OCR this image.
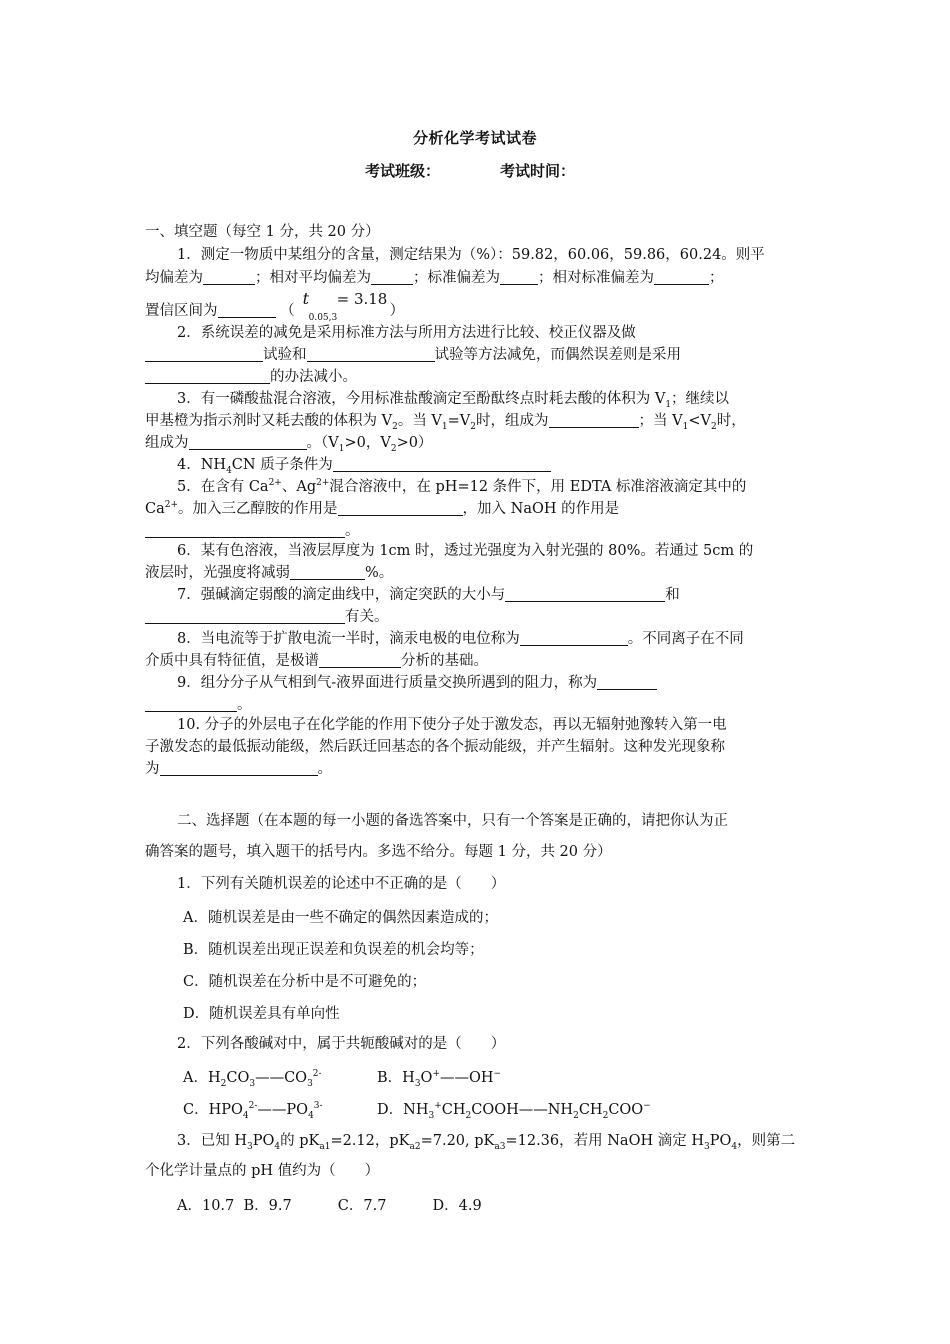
分析化学考试试卷
考试班级：	考试时间：
一、填空题（每空 1 分，共 20 分）
1．测定一物质中某组分的含量，测定结果为（%）：59.82，60.06，59.86，60.24。则平
均偏差为	；相对平均偏差为	；标准偏差为	；相对标准偏差为	；
置信区间为	（
t
0.05,3
= 3.18
）
2．系统误差的减免是采用标准方法与所用方法进行比较、校正仪器及做
试验和	试验等方法减免，而偶然误差则是采用
的办法减小。
3．有一磷酸盐混合溶液，今用标准盐酸滴定至酚酞终点时耗去酸的体积为 $V_1$；继续以
甲基橙为指示剂时又耗去酸的体积为 $V_2$。当 $V_1=V_2$时，组成为	；当 $V_1<V_2$时，
组成为	。（$V_1>0$，$V_2>0$）
4．$NH_4CN$ 质子条件为
5．在含有 $Ca^{2+}$、$Ag^{2+}$混合溶液中，在 pH=12 条件下，用 EDTA 标准溶液滴定其中的
$Ca^{2+}$。加入三乙醇胺的作用是	，加入 NaOH 的作用是
。
6．某有色溶液，当液层厚度为 1cm 时，透过光强度为入射光强的 80%。若通过 5cm 的
液层时，光强度将减弱	%。
7．强碱滴定弱酸的滴定曲线中，滴定突跃的大小与	和
有关。
8．当电流等于扩散电流一半时，滴汞电极的电位称为	。不同离子在不同
介质中具有特征值，是极谱	分析的基础。
9．组分分子从气相到气-液界面进行质量交换所遇到的阻力，称为
。
10. 分子的外层电子在化学能的作用下使分子处于激发态，再以无辐射弛豫转入第一电
子激发态的最低振动能级，然后跃迁回基态的各个振动能级，并产生辐射。这种发光现象称
为	。
二、选择题（在本题的每一小题的备选答案中，只有一个答案是正确的，请把你认为正
确答案的题号，填入题干的括号内。多选不给分。每题 1 分，共 20 分）
1．下列有关随机误差的论述中不正确的是（　　）
A．随机误差是由一些不确定的偶然因素造成的；
B．随机误差出现正误差和负误差的机会均等；
C．随机误差在分析中是不可避免的；
D．随机误差具有单向性
2．下列各酸碱对中，属于共轭酸碱对的是（　　）
A．$H_2CO_3——CO_3^{2-}$	B．$H_3O^+——OH^-$
C．$HPO_4^{2-}——PO_4^{3-}$	D．$NH_3^+CH_2COOH——NH_2CH_2COO^-$
3．已知 $H_3PO_4$的 $pK_{a1}=2.12$，$pK_{a2}=7.20$, $pK_{a3}=12.36$，若用 NaOH 滴定 $H_3PO_4$，则第二
个化学计量点的 pH 值约为（　　）
A．10.7  B．9.7          C．7.7          D．4.9
